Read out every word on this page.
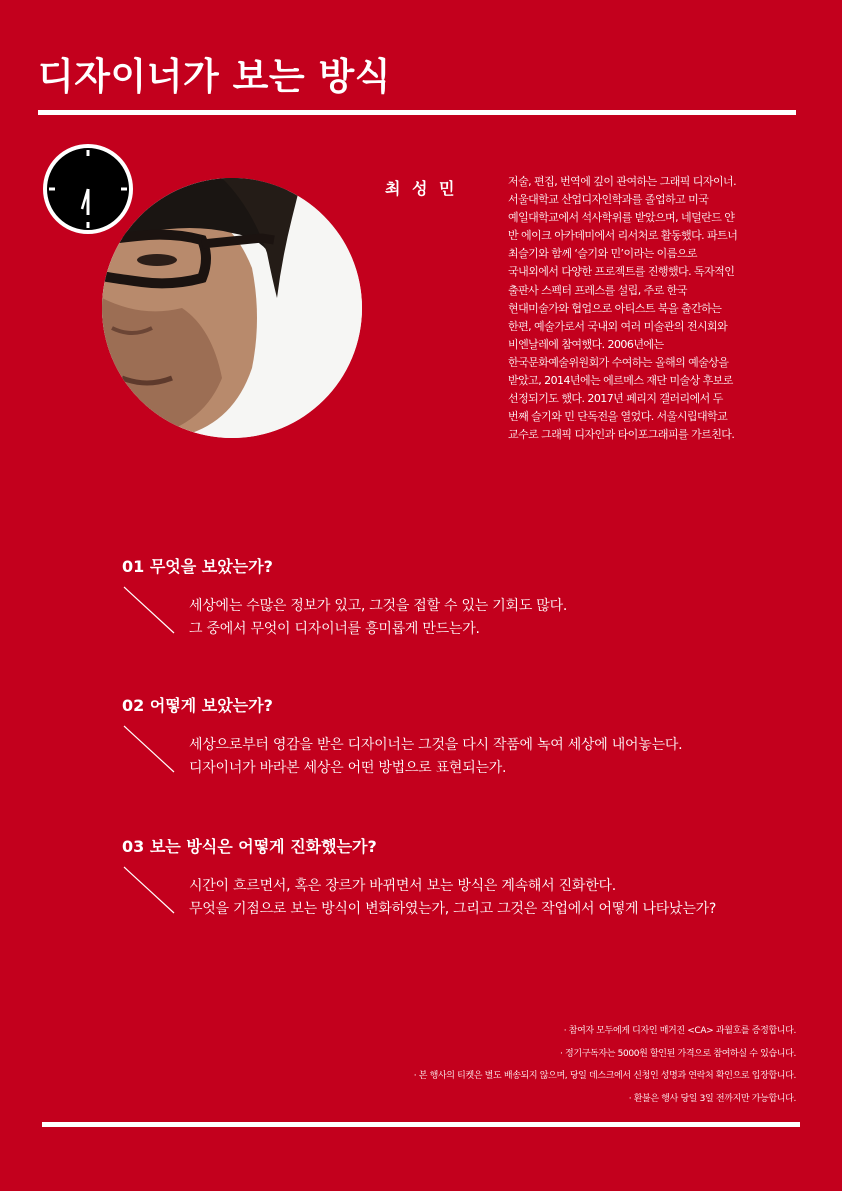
디자이너가 보는 방식
최 성 민	저술, 편집, 번역에 깊이 관여하는 그래픽 디자이너.
서울대학교 산업디자인학과를 졸업하고 미국
예일대학교에서 석사학위를 받았으며, 네덜란드 얀
반 에이크 아카데미에서 리서처로 활동했다. 파트너
최슬기와 함께 ‘슬기와 민’이라는 이름으로
국내외에서 다양한 프로젝트를 진행했다. 독자적인
출판사 스펙터 프레스를 설립, 주로 한국
현대미술가와 협업으로 아티스트 북을 출간하는
한편, 예술가로서 국내외 여러 미술관의 전시회와
비엔날레에 참여했다. 2006년에는
한국문화예술위원회가 수여하는 올해의 예술상을
받았고, 2014년에는 에르메스 재단 미술상 후보로
선정되기도 했다. 2017년 페리지 갤러리에서 두
번째 슬기와 민 단독전을 열었다. 서울시립대학교
교수로 그래픽 디자인과 타이포그래피를 가르친다.

01 무엇을 보았는가?
세상에는 수많은 정보가 있고, 그것을 접할 수 있는 기회도 많다.
그 중에서 무엇이 디자이너를 흥미롭게 만드는가.
02 어떻게 보았는가?
세상으로부터 영감을 받은 디자이너는 그것을 다시 작품에 녹여 세상에 내어놓는다.
디자이너가 바라본 세상은 어떤 방법으로 표현되는가.
03 보는 방식은 어떻게 진화했는가?
시간이 흐르면서, 혹은 장르가 바뀌면서 보는 방식은 계속해서 진화한다.
무엇을 기점으로 보는 방식이 변화하였는가, 그리고 그것은 작업에서 어떻게 나타났는가?
· 참여자 모두에게 디자인 매거진 <CA> 과월호를 증정합니다.
· 정기구독자는 5000원 할인된 가격으로 참여하실 수 있습니다.
· 본 행사의 티켓은 별도 배송되지 않으며, 당일 데스크에서 신청인 성명과 연락처 확인으로 입장합니다.
· 환불은 행사 당일 3일 전까지만 가능합니다.
